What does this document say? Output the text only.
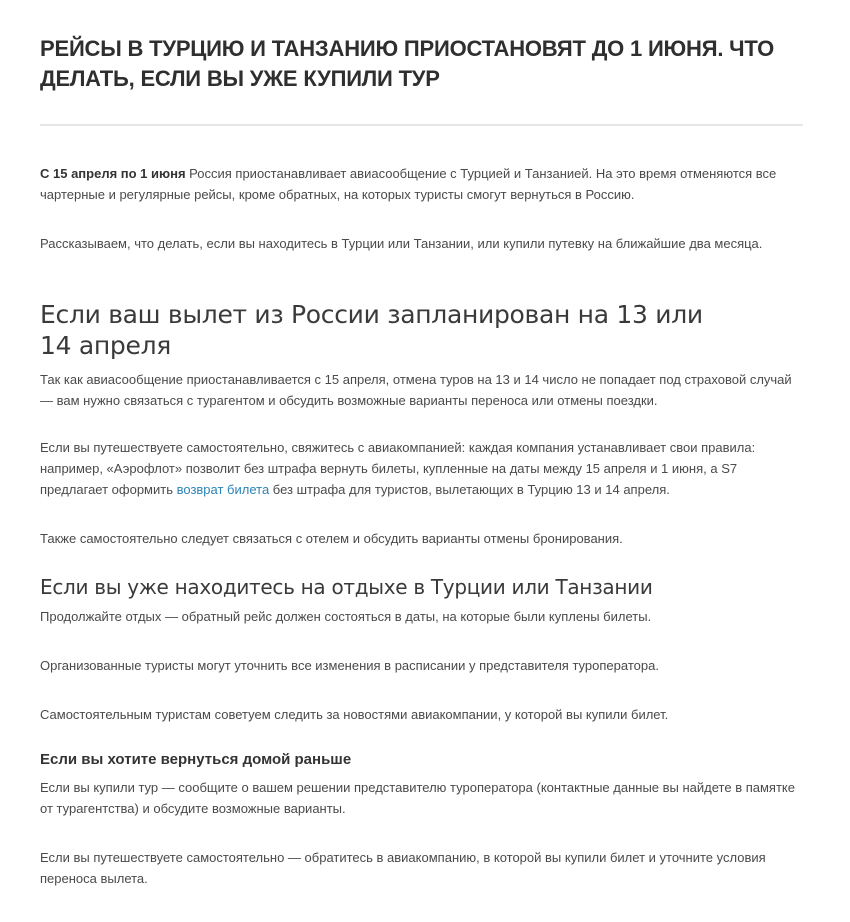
РЕЙСЫ В ТУРЦИЮ И ТАНЗАНИЮ ПРИОСТАНОВЯТ ДО 1 ИЮНЯ. ЧТО ДЕЛАТЬ, ЕСЛИ ВЫ УЖЕ КУПИЛИ ТУР

С 15 апреля по 1 июня Россия приостанавливает авиасообщение с Турцией и Танзанией. На это время отменяются все чартерные и регулярные рейсы, кроме обратных, на которых туристы смогут вернуться в Россию.

Рассказываем, что делать, если вы находитесь в Турции или Танзании, или купили путевку на ближайшие два месяца.

Если ваш вылет из России запланирован на 13 или 14 апреля

Так как авиасообщение приостанавливается с 15 апреля, отмена туров на 13 и 14 число не попадает под страховой случай — вам нужно связаться с турагентом и обсудить возможные варианты переноса или отмены поездки.

Если вы путешествуете самостоятельно, свяжитесь с авиакомпанией: каждая компания устанавливает свои правила: например, «Аэрофлот» позволит без штрафа вернуть билеты, купленные на даты между 15 апреля и 1 июня, а S7 предлагает оформить возврат билета без штрафа для туристов, вылетающих в Турцию 13 и 14 апреля.

Также самостоятельно следует связаться с отелем и обсудить варианты отмены бронирования.

Если вы уже находитесь на отдыхе в Турции или Танзании

Продолжайте отдых — обратный рейс должен состояться в даты, на которые были куплены билеты.

Организованные туристы могут уточнить все изменения в расписании у представителя туроператора.

Самостоятельным туристам советуем следить за новостями авиакомпании, у которой вы купили билет.

Если вы хотите вернуться домой раньше

Если вы купили тур — сообщите о вашем решении представителю туроператора (контактные данные вы найдете в памятке от турагентства) и обсудите возможные варианты.

Если вы путешествуете самостоятельно — обратитесь в авиакомпанию, в которой вы купили билет и уточните условия переноса вылета.
